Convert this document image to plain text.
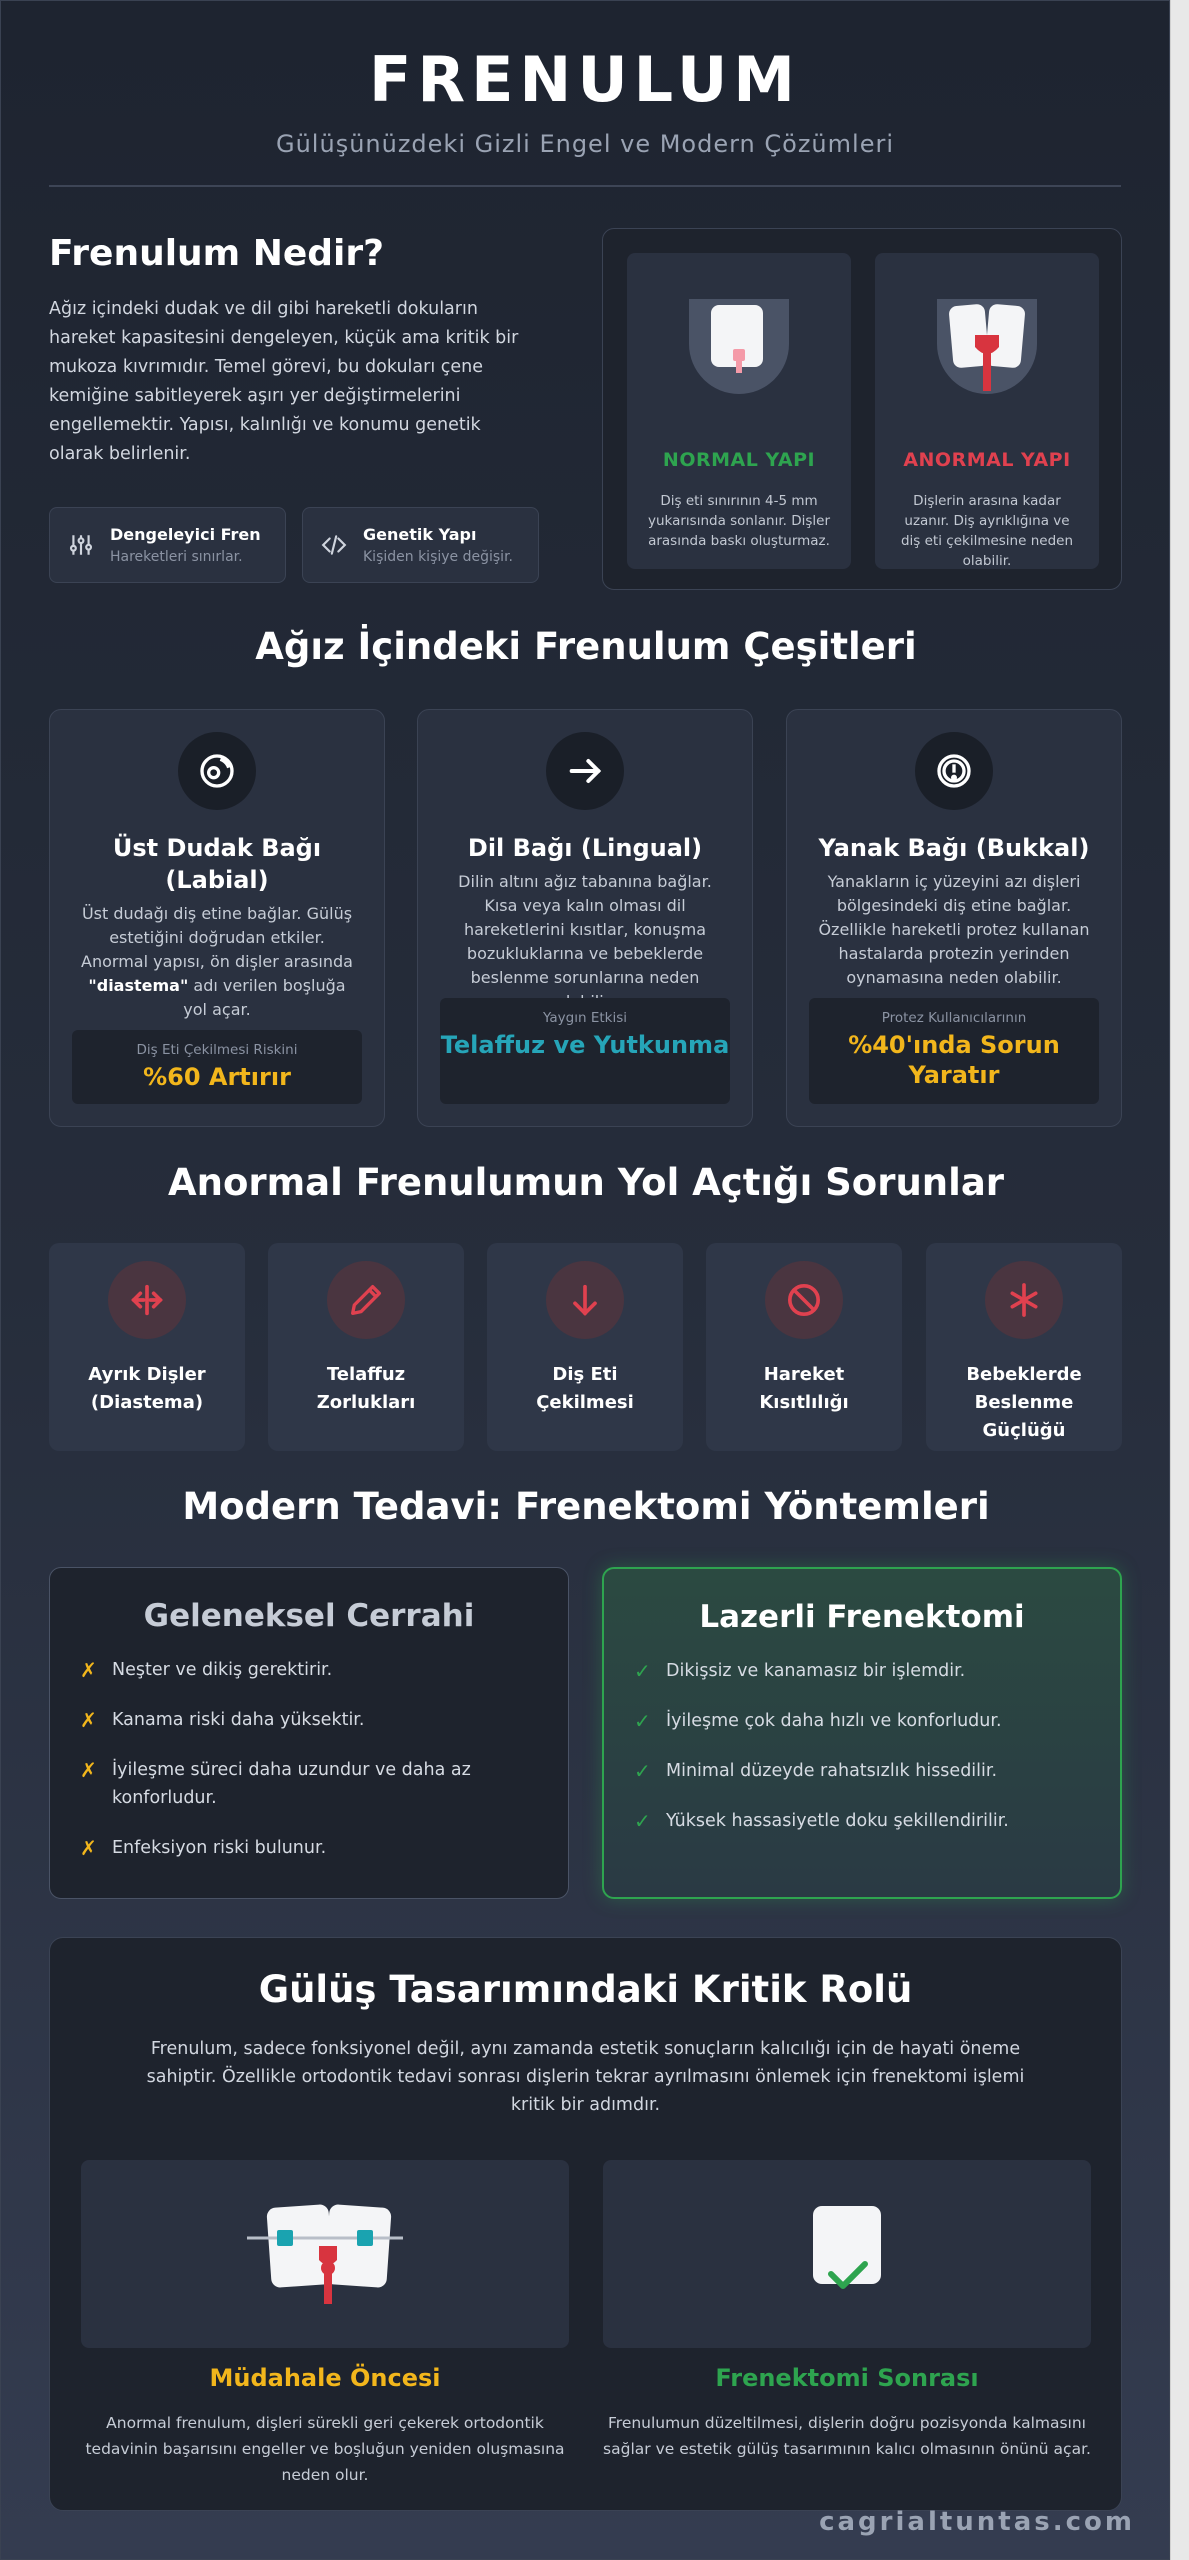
FRENULUM
Gülüşünüzdeki Gizli Engel ve Modern Çözümleri
Frenulum Nedir?
Ağız içindeki dudak ve dil gibi hareketli dokuların hareket kapasitesini dengeleyen, küçük ama kritik bir mukoza kıvrımıdır. Temel görevi, bu dokuları çene kemiğine sabitleyerek aşırı yer değiştirmelerini engellemektir. Yapısı, kalınlığı ve konumu genetik olarak belirlenir.
Dengeleyici Fren
Hareketleri sınırlar.
Genetik Yapı
Kişiden kişiye değişir.
NORMAL YAPI
Diş eti sınırının 4-5 mm yukarısında sonlanır. Dişler arasında baskı oluşturmaz.
ANORMAL YAPI
Dişlerin arasına kadar uzanır. Diş ayrıklığına ve diş eti çekilmesine neden olabilir.
Ağız İçindeki Frenulum Çeşitleri
Üst Dudak Bağı (Labial)

Üst dudağı diş etine bağlar. Gülüş estetiğini doğrudan etkiler. Anormal yapısı, ön dişler arasında "diastema" adı verilen boşluğa yol açar.

Diş Eti Çekilmesi Riskini
%60 Artırır
Dil Bağı (Lingual)

Dilin altını ağız tabanına bağlar. Kısa veya kalın olması dil hareketlerini kısıtlar, konuşma bozukluklarına ve bebeklerde beslenme sorunlarına neden

Yaygın Etkisi
Telaffuz ve Yutkunma
Yanak Bağı (Bukkal)

Yanakların iç yüzeyini azı dişleri bölgesindeki diş etine bağlar. Özellikle hareketli protez kullanan hastalarda protezin yerinden oynamasına neden olabilir.

Protez Kullanıcılarının
%40'ında Sorun Yaratır
Anormal Frenulumun Yol Açtığı Sorunlar
Ayrık Dişler (Diastema)
Telaffuz Zorlukları
Diş Eti Çekilmesi
Hareket Kısıtlılığı
Bebeklerde Beslenme Güçlüğü
Modern Tedavi: Frenektomi Yöntemleri
Geleneksel Cerrahi
✗ Neşter ve dikiş gerektirir.
✗ Kanama riski daha yüksektir.
✗ İyileşme süreci daha uzundur ve daha az konforludur.
✗ Enfeksiyon riski bulunur.
Lazerli Frenektomi
✓ Dikişsiz ve kanamasız bir işlemdir.
✓ İyileşme çok daha hızlı ve konforludur.
✓ Minimal düzeyde rahatsızlık hissedilir.
✓ Yüksek hassasiyetle doku şekillendirilir.
Gülüş Tasarımındaki Kritik Rolü
Frenulum, sadece fonksiyonel değil, aynı zamanda estetik sonuçların kalıcılığı için de hayati öneme sahiptir. Özellikle ortodontik tedavi sonrası dişlerin tekrar ayrılmasını önlemek için frenektomi işlemi kritik bir adımdır.
Müdahale Öncesi
Anormal frenulum, dişleri sürekli geri çekerek ortodontik tedavinin başarısını engeller ve boşluğun yeniden oluşmasına neden olur.
Frenektomi Sonrası
Frenulumun düzeltilmesi, dişlerin doğru pozisyonda kalmasını sağlar ve estetik gülüş tasarımının kalıcı olmasının önünü açar.
cagrialtuntas.com
